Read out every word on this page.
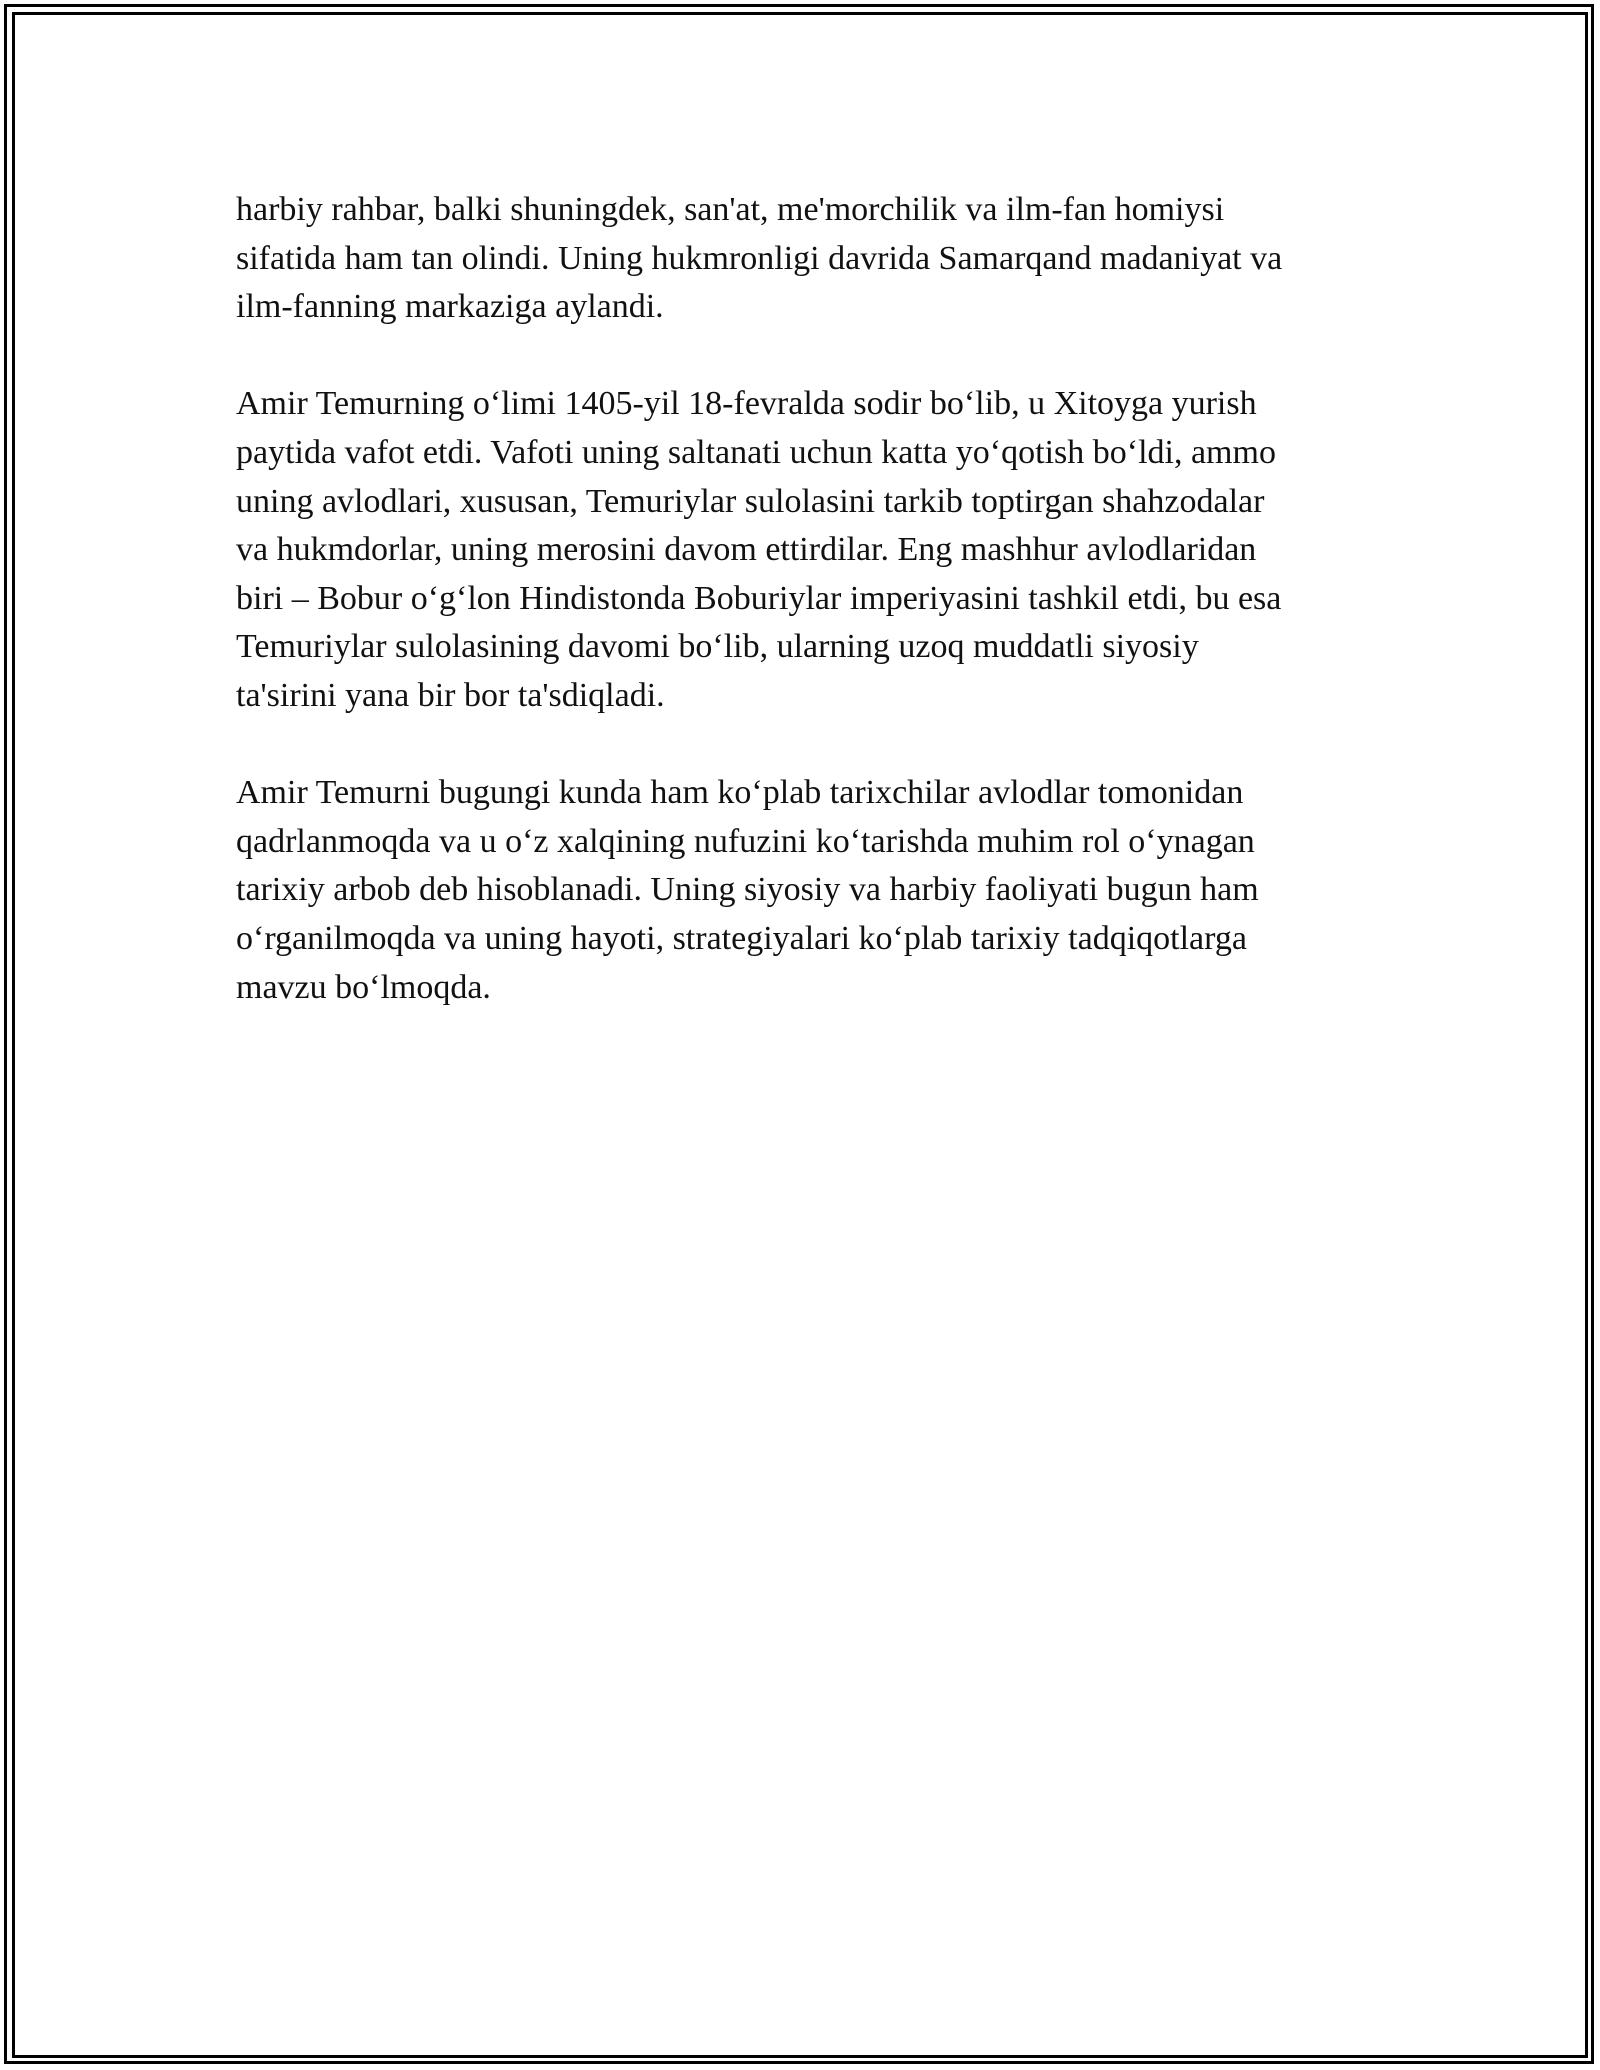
harbiy rahbar, balki shuningdek, san'at, me'morchilik va ilm-fan homiysi
sifatida ham tan olindi. Uning hukmronligi davrida Samarqand madaniyat va
ilm-fanning markaziga aylandi.

Amir Temurning o‘limi 1405-yil 18-fevralda sodir bo‘lib, u Xitoyga yurish
paytida vafot etdi. Vafoti uning saltanati uchun katta yo‘qotish bo‘ldi, ammo
uning avlodlari, xususan, Temuriylar sulolasini tarkib toptirgan shahzodalar
va hukmdorlar, uning merosini davom ettirdilar. Eng mashhur avlodlaridan
biri – Bobur o‘g‘lon Hindistonda Boburiylar imperiyasini tashkil etdi, bu esa
Temuriylar sulolasining davomi bo‘lib, ularning uzoq muddatli siyosiy
ta'sirini yana bir bor ta'sdiqladi.

Amir Temurni bugungi kunda ham ko‘plab tarixchilar avlodlar tomonidan
qadrlanmoqda va u o‘z xalqining nufuzini ko‘tarishda muhim rol o‘ynagan
tarixiy arbob deb hisoblanadi. Uning siyosiy va harbiy faoliyati bugun ham
o‘rganilmoqda va uning hayoti, strategiyalari ko‘plab tarixiy tadqiqotlarga
mavzu bo‘lmoqda.
